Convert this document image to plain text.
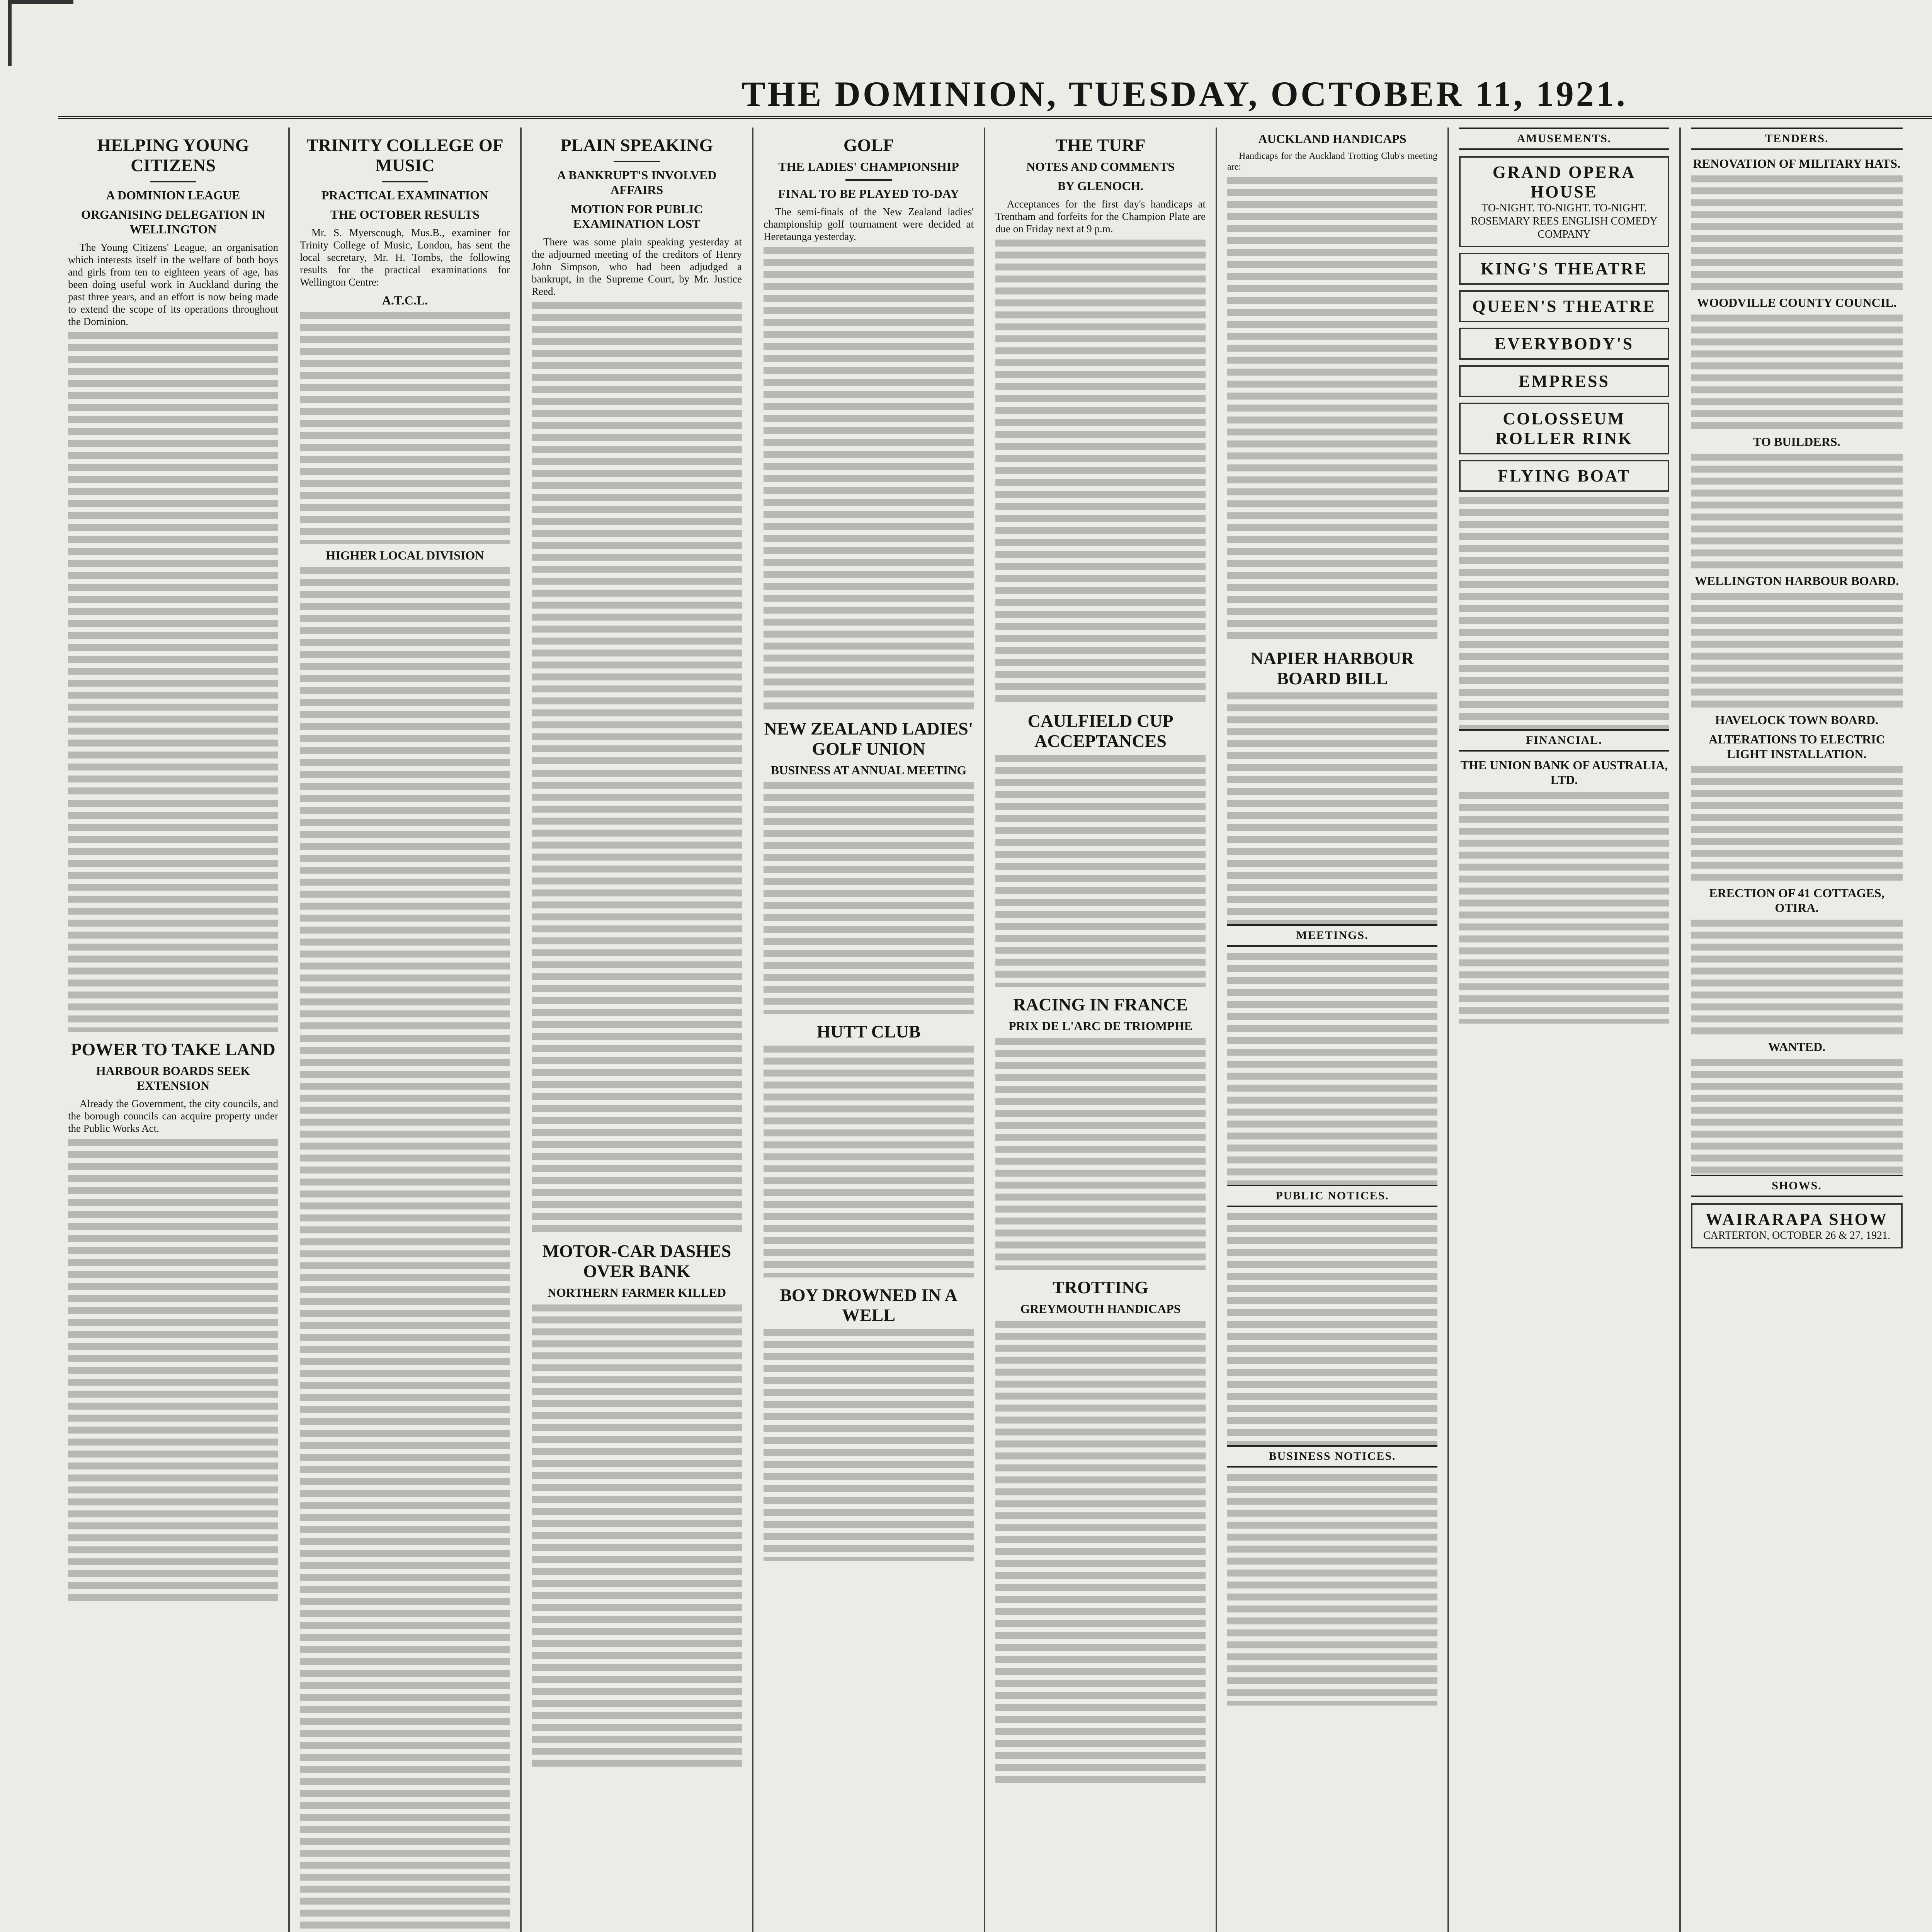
THE DOMINION, TUESDAY, OCTOBER 11, 1921.
HELPING YOUNG CITIZENS
A DOMINION LEAGUE
ORGANISING DELEGATION IN WELLINGTON

The Young Citizens' League, an organisation which interests itself in the welfare of both boys and girls from ten to eighteen years of age, has been doing useful work in Auckland during the past three years, and an effort is now being made to extend the scope of its operations throughout the Dominion.

POWER TO TAKE LAND
HARBOUR BOARDS SEEK EXTENSION

Already the Government, the city councils, and the borough councils can acquire property under the Public Works Act.

TRINITY COLLEGE OF MUSIC
PRACTICAL EXAMINATION
THE OCTOBER RESULTS

Mr. S. Myerscough, Mus.B., examiner for Trinity College of Music, London, has sent the local secretary, Mr. H. Tombs, the following results for the practical examinations for Wellington Centre:

A.T.C.L.
HIGHER LOCAL DIVISION
PLAIN SPEAKING
A BANKRUPT'S INVOLVED AFFAIRS
MOTION FOR PUBLIC EXAMINATION LOST

There was some plain speaking yesterday at the adjourned meeting of the creditors of Henry John Simpson, who had been adjudged a bankrupt, in the Supreme Court, by Mr. Justice Reed.

MOTOR-CAR DASHES OVER BANK
NORTHERN FARMER KILLED
GOLF
THE LADIES' CHAMPIONSHIP
FINAL TO BE PLAYED TO-DAY

The semi-finals of the New Zealand ladies' championship golf tournament were decided at Heretaunga yesterday.

NEW ZEALAND LADIES' GOLF UNION
BUSINESS AT ANNUAL MEETING
HUTT CLUB
BOY DROWNED IN A WELL
THE TURF
NOTES AND COMMENTS
BY GLENOCH.

Acceptances for the first day's handicaps at Trentham and forfeits for the Champion Plate are due on Friday next at 9 p.m.

CAULFIELD CUP ACCEPTANCES
RACING IN FRANCE
PRIX DE L'ARC DE TRIOMPHE
TROTTING
GREYMOUTH HANDICAPS
AUCKLAND HANDICAPS

Handicaps for the Auckland Trotting Club's meeting are:

NAPIER HARBOUR BOARD BILL
MEETINGS.
PUBLIC NOTICES.
BUSINESS NOTICES.
AMUSEMENTS.
GRAND OPERA HOUSE
TO-NIGHT. TO-NIGHT. TO-NIGHT.
ROSEMARY REES ENGLISH COMEDY COMPANY
KING'S THEATRE
QUEEN'S THEATRE
EVERYBODY'S
EMPRESS
COLOSSEUM ROLLER RINK
FLYING BOAT
FINANCIAL.
THE UNION BANK OF AUSTRALIA, LTD.
TENDERS.
RENOVATION OF MILITARY HATS.
WOODVILLE COUNTY COUNCIL.
TO BUILDERS.
WELLINGTON HARBOUR BOARD.
HAVELOCK TOWN BOARD.
ALTERATIONS TO ELECTRIC LIGHT INSTALLATION.
ERECTION OF 41 COTTAGES, OTIRA.
WANTED.
SHOWS.
WAIRARAPA SHOW
CARTERTON, OCTOBER 26 & 27, 1921.
